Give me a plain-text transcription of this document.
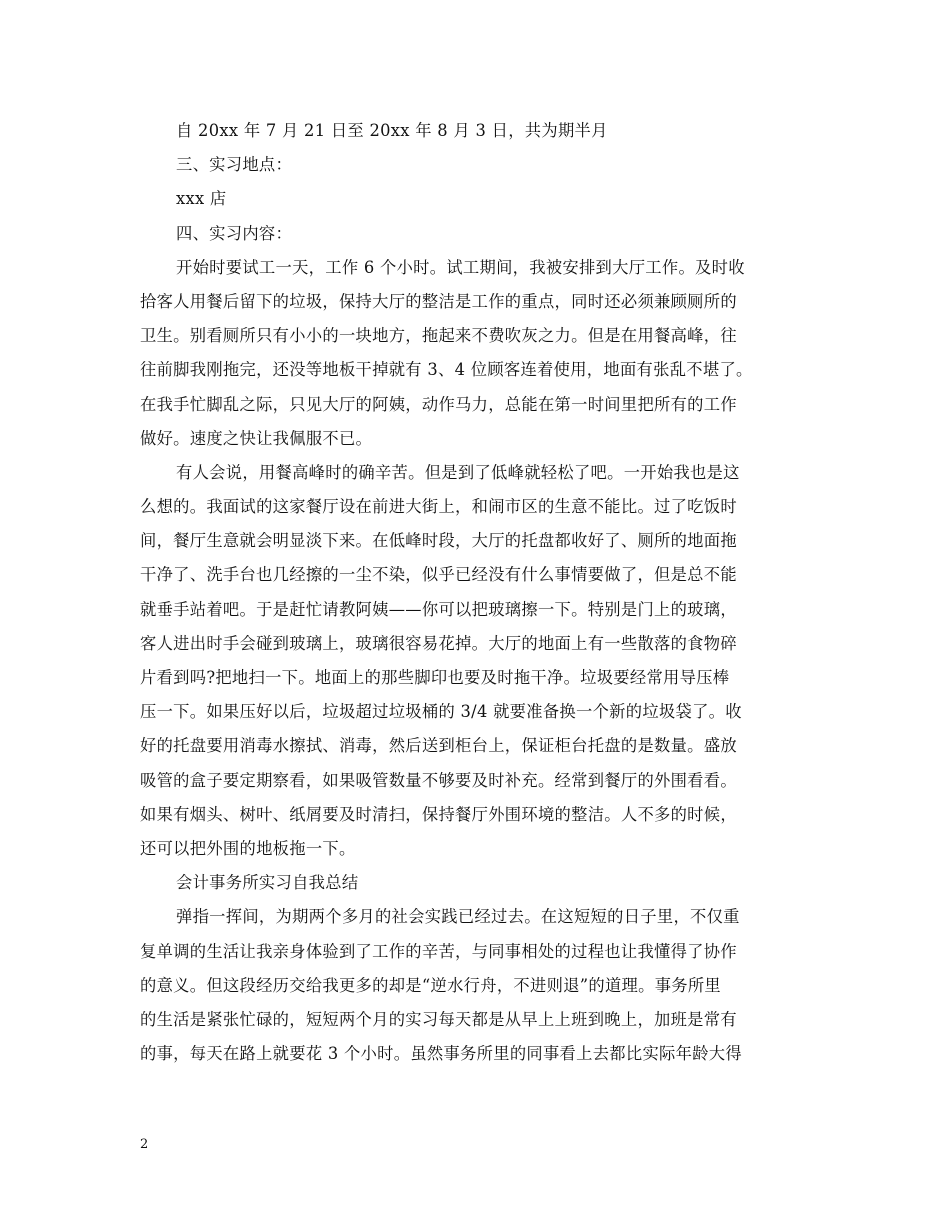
自 20xx 年 7 月 21 日至 20xx 年 8 月 3 日，共为期半月
三、实习地点：
xxx 店
四、实习内容：
开始时要试工一天，工作 6 个小时。试工期间，我被安排到大厅工作。及时收
拾客人用餐后留下的垃圾，保持大厅的整洁是工作的重点，同时还必须兼顾厕所的
卫生。别看厕所只有小小的一块地方，拖起来不费吹灰之力。但是在用餐高峰，往
往前脚我刚拖完，还没等地板干掉就有 3、4 位顾客连着使用，地面有张乱不堪了。
在我手忙脚乱之际，只见大厅的阿姨，动作马力，总能在第一时间里把所有的工作
做好。速度之快让我佩服不已。
有人会说，用餐高峰时的确辛苦。但是到了低峰就轻松了吧。一开始我也是这
么想的。我面试的这家餐厅设在前进大街上，和闹市区的生意不能比。过了吃饭时
间，餐厅生意就会明显淡下来。在低峰时段，大厅的托盘都收好了、厕所的地面拖
干净了、洗手台也几经擦的一尘不染，似乎已经没有什么事情要做了，但是总不能
就垂手站着吧。于是赶忙请教阿姨——你可以把玻璃擦一下。特别是门上的玻璃，
客人进出时手会碰到玻璃上，玻璃很容易花掉。大厅的地面上有一些散落的食物碎
片看到吗?把地扫一下。地面上的那些脚印也要及时拖干净。垃圾要经常用导压棒
压一下。如果压好以后，垃圾超过垃圾桶的 3/4 就要准备换一个新的垃圾袋了。收
好的托盘要用消毒水擦拭、消毒，然后送到柜台上，保证柜台托盘的是数量。盛放
吸管的盒子要定期察看，如果吸管数量不够要及时补充。经常到餐厅的外围看看。
如果有烟头、树叶、纸屑要及时清扫，保持餐厅外围环境的整洁。人不多的时候，
还可以把外围的地板拖一下。
会计事务所实习自我总结
弹指一挥间，为期两个多月的社会实践已经过去。在这短短的日子里，不仅重
复单调的生活让我亲身体验到了工作的辛苦，与同事相处的过程也让我懂得了协作
的意义。但这段经历交给我更多的却是“逆水行舟，不进则退”的道理。事务所里
的生活是紧张忙碌的，短短两个月的实习每天都是从早上上班到晚上，加班是常有
的事，每天在路上就要花 3 个小时。虽然事务所里的同事看上去都比实际年龄大得
2
